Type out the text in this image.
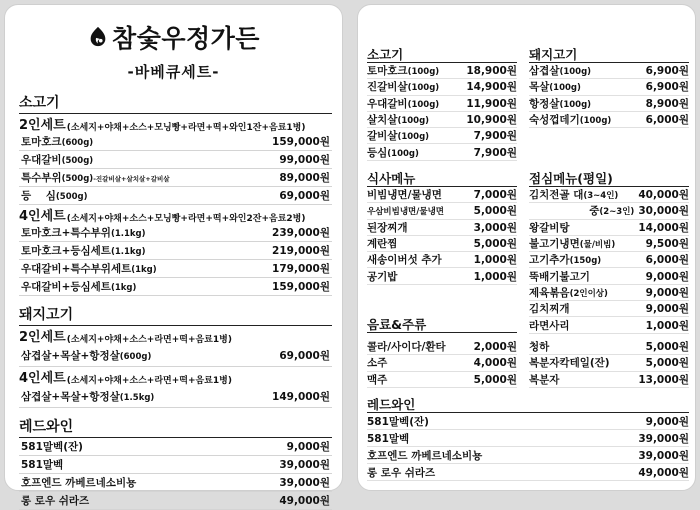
참숯우정가든
-바베큐세트-
소고기
2인세트 (소세지+야채+소스+모닝빵+라면+떡+와인1잔+음료1병)
토마호크(600g)	159,000원
우대갈비(500g)	99,000원
특수부위(500g)-진갈비살+살치살+갈비살	89,000원
등    심(500g)	69,000원
4인세트 (소세지+야채+소스+모닝빵+라면+떡+와인2잔+음료2병)
토마호크+특수부위(1.1kg)	239,000원
토마호크+등심세트(1.1kg)	219,000원
우대갈비+특수부위세트(1kg)	179,000원
우대갈비+등심세트(1kg)	159,000원
돼지고기
2인세트 (소세지+야채+소스+라면+떡+음료1병)
삼겹살+목살+항정살(600g)	69,000원
4인세트 (소세지+야채+소스+라면+떡+음료1병)
삼겹살+목살+항정살(1.5kg)	149,000원
레드와인
581말벡(잔)	9,000원
581말벡	39,000원
호프엔드 까베르네소비뇽	39,000원
롱 로우 쉬라즈	49,000원
소고기
토마호크(100g)	18,900원
진갈비살(100g)	14,900원
우대갈비(100g)	11,900원
살치살(100g)	10,900원
갈비살(100g)	7,900원
등심(100g)	7,900원
돼지고기
삼겹살(100g)	6,900원
목살(100g)	6,900원
항정살(100g)	8,900원
숙성껍데기(100g)	6,000원
식사메뉴
비빔냉면/물냉면	7,000원
우삼비빔냉면/물냉면	5,000원
된장찌개	3,000원
계란찜	5,000원
새송이버섯 추가	1,000원
공기밥	1,000원
음료&주류
점심메뉴(평일)
김치전골 대(3~4인) 40,000원
중(2~3인) 30,000원
왕갈비탕	14,000원
불고기냉면(물/비빔)	9,500원
고기추가(150g)	6,000원
뚝배기불고기	9,000원
제육볶음(2인이상)	9,000원
김치찌개	9,000원
라면사리	1,000원
콜라/사이다/환타	2,000원
소주	4,000원
맥주	5,000원
청하	5,000원
복분자칵테일(잔)	5,000원
복분자	13,000원
레드와인
581말벡(잔)	9,000원
581말벡	39,000원
호프엔드 까베르네소비뇽	39,000원
롱 로우 쉬라즈	49,000원
